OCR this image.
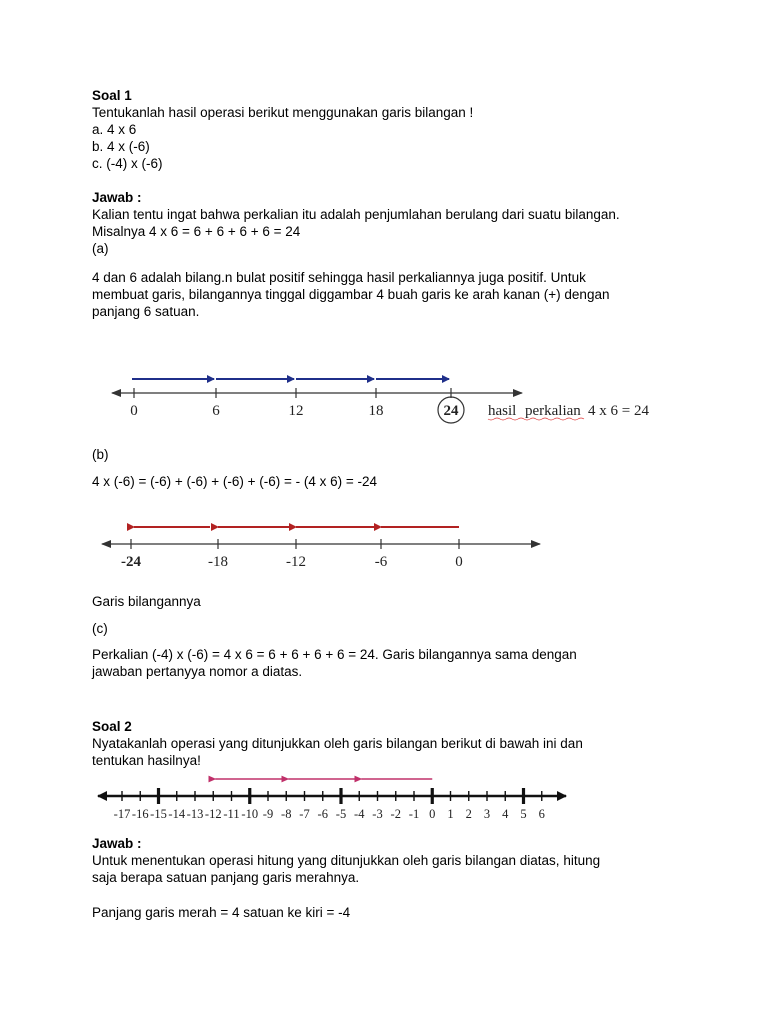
Soal 1
Tentukanlah hasil operasi berikut menggunakan garis bilangan !
a. 4 x 6
b. 4 x (-6)
c. (-4) x (-6)
Jawab :
Kalian tentu ingat bahwa perkalian itu adalah penjumlahan berulang dari suatu bilangan.
Misalnya 4 x 6 = 6 + 6 + 6 + 6 = 24
(a)
4 dan 6 adalah bilang.n bulat positif sehingga hasil perkaliannya juga positif. Untuk
membuat garis, bilangannya tinggal diggambar 4 buah garis ke arah kanan (+) dengan
panjang 6 satuan.
0	6	12	18	24 hasil perkalian 4 x 6 = 24
(b)
4 x (-6) = (-6) + (-6) + (-6) + (-6) = - (4 x 6) = -24
-24	-18	-12	-6	0
Garis bilangannya
(c)
Perkalian (-4) x (-6) = 4 x 6 = 6 + 6 + 6 + 6 = 24. Garis bilangannya sama dengan
jawaban pertanyya nomor a diatas.
Soal 2
Nyatakanlah operasi yang ditunjukkan oleh garis bilangan berikut di bawah ini dan
tentukan hasilnya!
-17 -16 -15 -14 -13 -12 -11 -10 -9 -8 -7 -6 -5 -4 -3 -2 -1 0 1 2 3 4 5 6
Jawab :
Untuk menentukan operasi hitung yang ditunjukkan oleh garis bilangan diatas, hitung
saja berapa satuan panjang garis merahnya.
Panjang garis merah = 4 satuan ke kiri = -4
